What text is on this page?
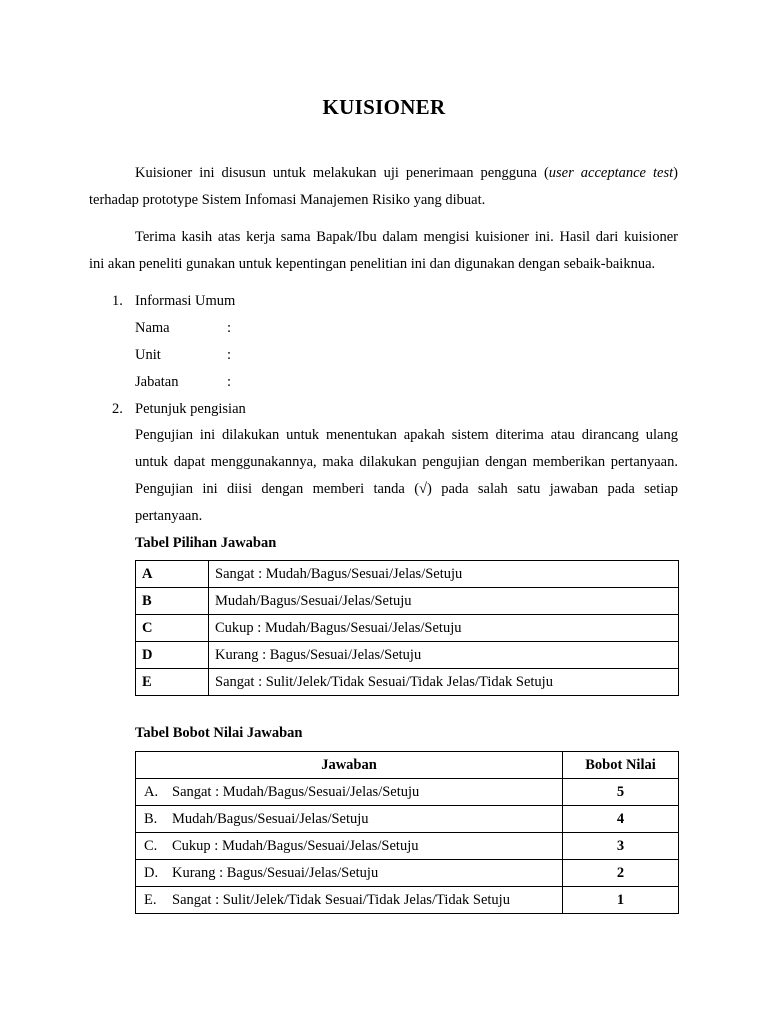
KUISIONER
Kuisioner ini disusun untuk melakukan uji penerimaan pengguna (user acceptance test)
terhadap prototype Sistem Infomasi Manajemen Risiko yang dibuat.
Terima kasih atas kerja sama Bapak/Ibu dalam mengisi kuisioner ini. Hasil dari kuisioner
ini akan peneliti gunakan untuk kepentingan penelitian ini dan digunakan dengan sebaik-baiknua.
1. Informasi Umum
Nama	:
Unit	:
Jabatan	:
2. Petunjuk pengisian
Pengujian ini dilakukan untuk menentukan apakah sistem diterima atau dirancang ulang
untuk dapat menggunakannya, maka dilakukan pengujian dengan memberikan pertanyaan.
Pengujian ini diisi dengan memberi tanda (√) pada salah satu jawaban pada setiap
pertanyaan.
Tabel Pilihan Jawaban
A	Sangat : Mudah/Bagus/Sesuai/Jelas/Setuju
B	Mudah/Bagus/Sesuai/Jelas/Setuju
C	Cukup : Mudah/Bagus/Sesuai/Jelas/Setuju
D	Kurang : Bagus/Sesuai/Jelas/Setuju
E	Sangat : Sulit/Jelek/Tidak Sesuai/Tidak Jelas/Tidak Setuju
Tabel Bobot Nilai Jawaban
Jawaban	Bobot Nilai
A. Sangat : Mudah/Bagus/Sesuai/Jelas/Setuju	5
B. Mudah/Bagus/Sesuai/Jelas/Setuju	4
C. Cukup : Mudah/Bagus/Sesuai/Jelas/Setuju	3
D. Kurang : Bagus/Sesuai/Jelas/Setuju	2
E. Sangat : Sulit/Jelek/Tidak Sesuai/Tidak Jelas/Tidak Setuju	1
